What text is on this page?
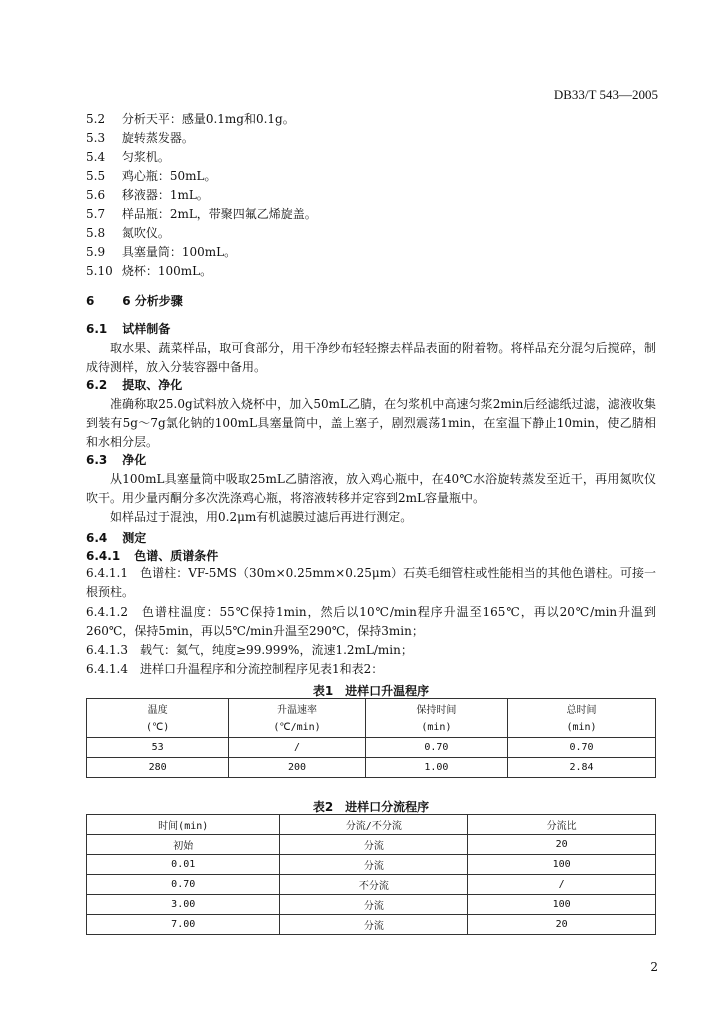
DB33/T 543—2005
5.2 分析天平：感量0.1mg和0.1g。
5.3 旋转蒸发器。
5.4 匀浆机。
5.5 鸡心瓶：50mL。
5.6 移液器：1mL。
5.7 样品瓶：2mL，带聚四氟乙烯旋盖。
5.8 氮吹仪。
5.9 具塞量筒：100mL。
5.10 烧杯：100mL。
6 6 分析步骤
6.1 试样制备
取水果、蔬菜样品，取可食部分，用干净纱布轻轻擦去样品表面的附着物。将样品充分混匀后搅碎，制成待测样，放入分装容器中备用。
6.2 提取、净化
准确称取25.0g试料放入烧杯中，加入50mL乙腈，在匀浆机中高速匀浆2min后经滤纸过滤，滤液收集到装有5g～7g氯化钠的100mL具塞量筒中，盖上塞子，剧烈震荡1min，在室温下静止10min，使乙腈相和水相分层。
6.3 净化
从100mL具塞量筒中吸取25mL乙腈溶液，放入鸡心瓶中，在40℃水浴旋转蒸发至近干，再用氮吹仪吹干。用少量丙酮分多次洗涤鸡心瓶，将溶液转移并定容到2mL容量瓶中。
如样品过于混浊，用0.2μm有机滤膜过滤后再进行测定。
6.4 测定
6.4.1 色谱、质谱条件
6.4.1.1　 色谱柱：VF-5MS（30m×0.25mm×0.25μm）石英毛细管柱或性能相当的其他色谱柱。可接一根预柱。
6.4.1.2　 色谱柱温度：55℃保持1min，然后以10℃/min程序升温至165℃，再以20℃/min升温到260℃，保持5min，再以5℃/min升温至290℃，保持3min；
6.4.1.3　 载气：氦气，纯度≥99.999%，流速1.2mL/min；
6.4.1.4　 进样口升温程序和分流控制程序见表1和表2：
表1　进样口升温程序
温度	升温速率	保持时间	总时间
(℃)	(℃/min)	(min)	(min)
53	/	0.70	0.70
280	200	1.00	2.84
表2　进样口分流程序
时间(min)	分流/不分流	分流比
初始	分流	20
0.01	分流	100
0.70	不分流	/
3.00	分流	100
7.00	分流	20
2
